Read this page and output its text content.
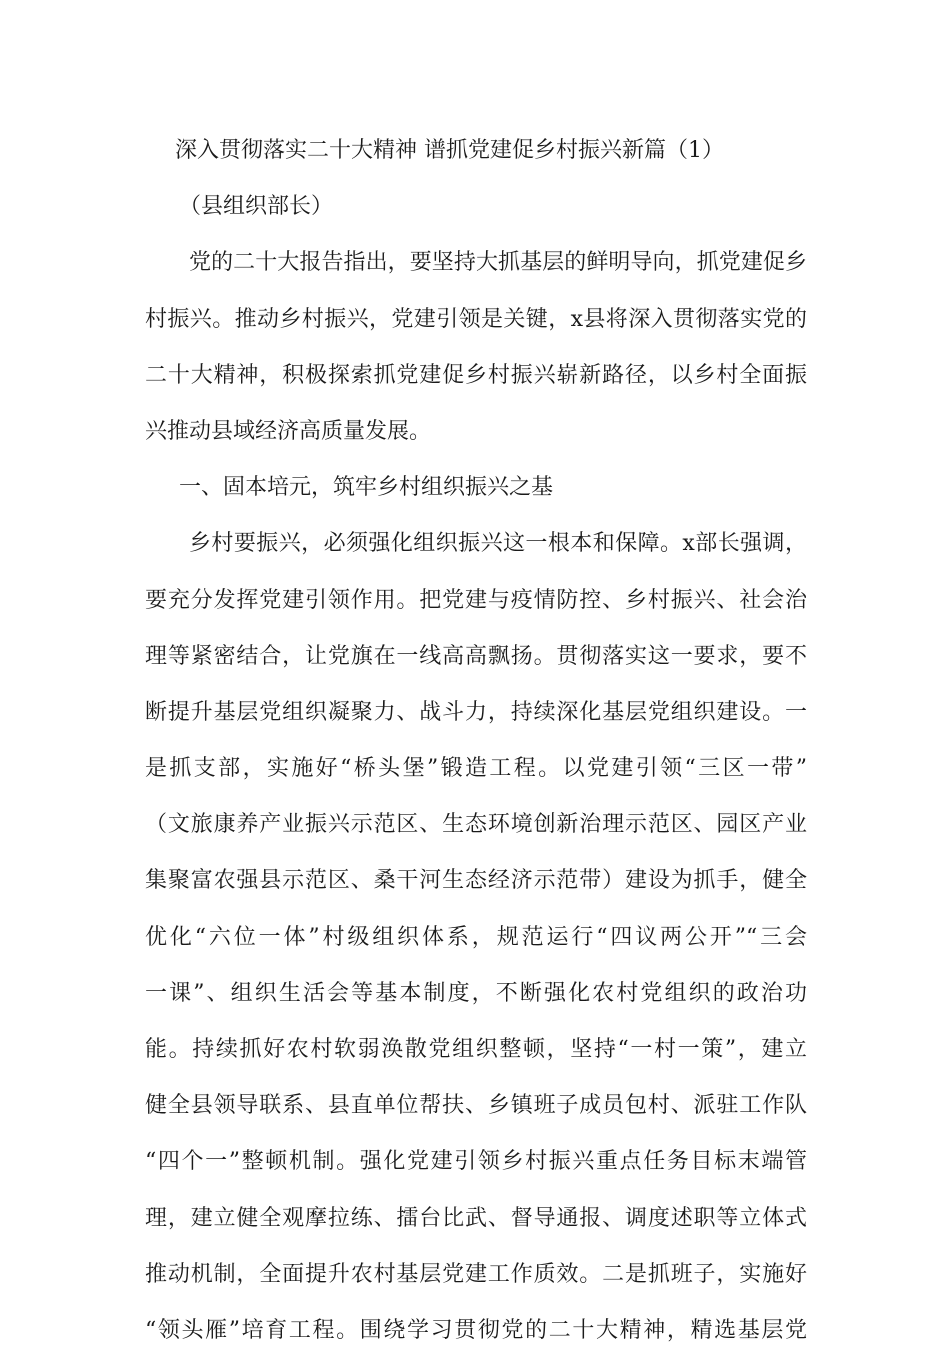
深入贯彻落实二十大精神 谱抓党建促乡村振兴新篇（1）
（县组织部长）
党的二十大报告指出，要坚持大抓基层的鲜明导向，抓党建促乡
村振兴。推动乡村振兴，党建引领是关键，x县将深入贯彻落实党的
二十大精神，积极探索抓党建促乡村振兴崭新路径，以乡村全面振
兴推动县域经济高质量发展。
一、固本培元，筑牢乡村组织振兴之基
乡村要振兴，必须强化组织振兴这一根本和保障。x部长强调，
要充分发挥党建引领作用。把党建与疫情防控、乡村振兴、社会治
理等紧密结合，让党旗在一线高高飘扬。贯彻落实这一要求，要不
断提升基层党组织凝聚力、战斗力，持续深化基层党组织建设。一
是抓支部，实施好“桥头堡”锻造工程。以党建引领“三区一带”
（文旅康养产业振兴示范区、生态环境创新治理示范区、园区产业
集聚富农强县示范区、桑干河生态经济示范带）建设为抓手，健全
优化“六位一体”村级组织体系，规范运行“四议两公开”“三会
一课”、组织生活会等基本制度，不断强化农村党组织的政治功
能。持续抓好农村软弱涣散党组织整顿，坚持“一村一策”，建立
健全县领导联系、县直单位帮扶、乡镇班子成员包村、派驻工作队
“四个一”整顿机制。强化党建引领乡村振兴重点任务目标末端管
理，建立健全观摩拉练、擂台比武、督导通报、调度述职等立体式
推动机制，全面提升农村基层党建工作质效。二是抓班子，实施好
“领头雁”培育工程。围绕学习贯彻党的二十大精神，精选基层党
